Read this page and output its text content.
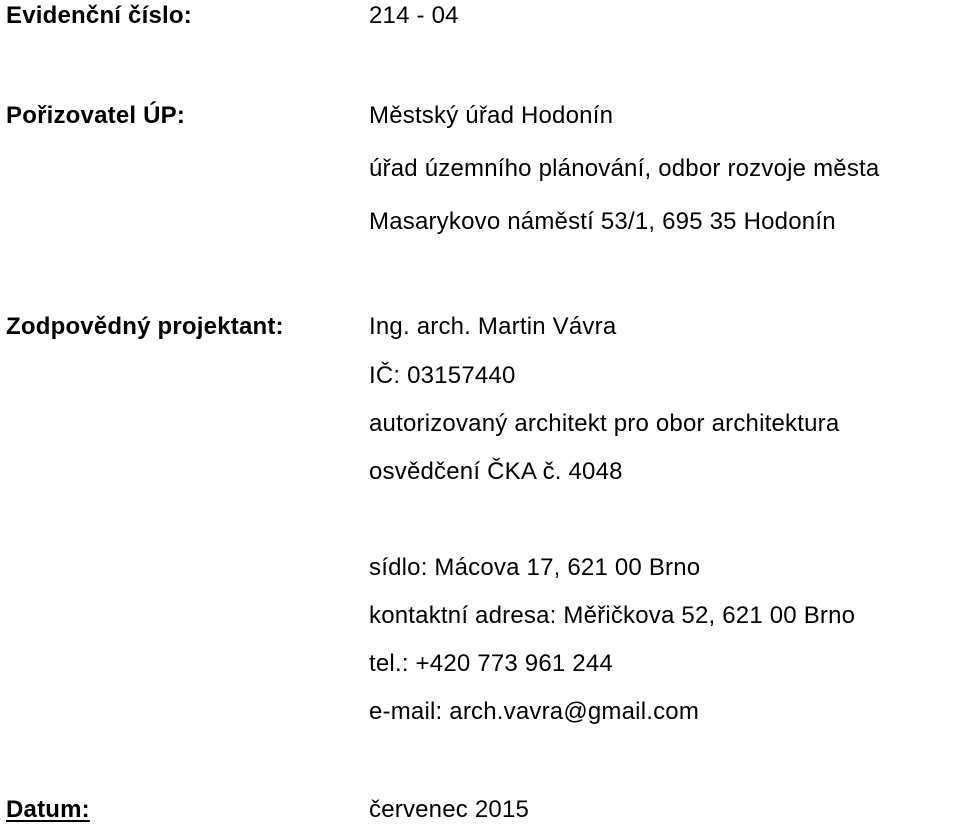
Evidenční číslo:	214 - 04
Pořizovatel ÚP:	Městský úřad Hodonín
úřad územního plánování, odbor rozvoje města
Masarykovo náměstí 53/1, 695 35 Hodonín
Zodpovědný projektant:	Ing. arch. Martin Vávra
IČ: 03157440
autorizovaný architekt pro obor architektura
osvědčení ČKA č. 4048
sídlo: Mácova 17, 621 00 Brno
kontaktní adresa: Měřičkova 52, 621 00 Brno
tel.: +420 773 961 244
e-mail: arch.vavra@gmail.com
Datum:	červenec 2015
